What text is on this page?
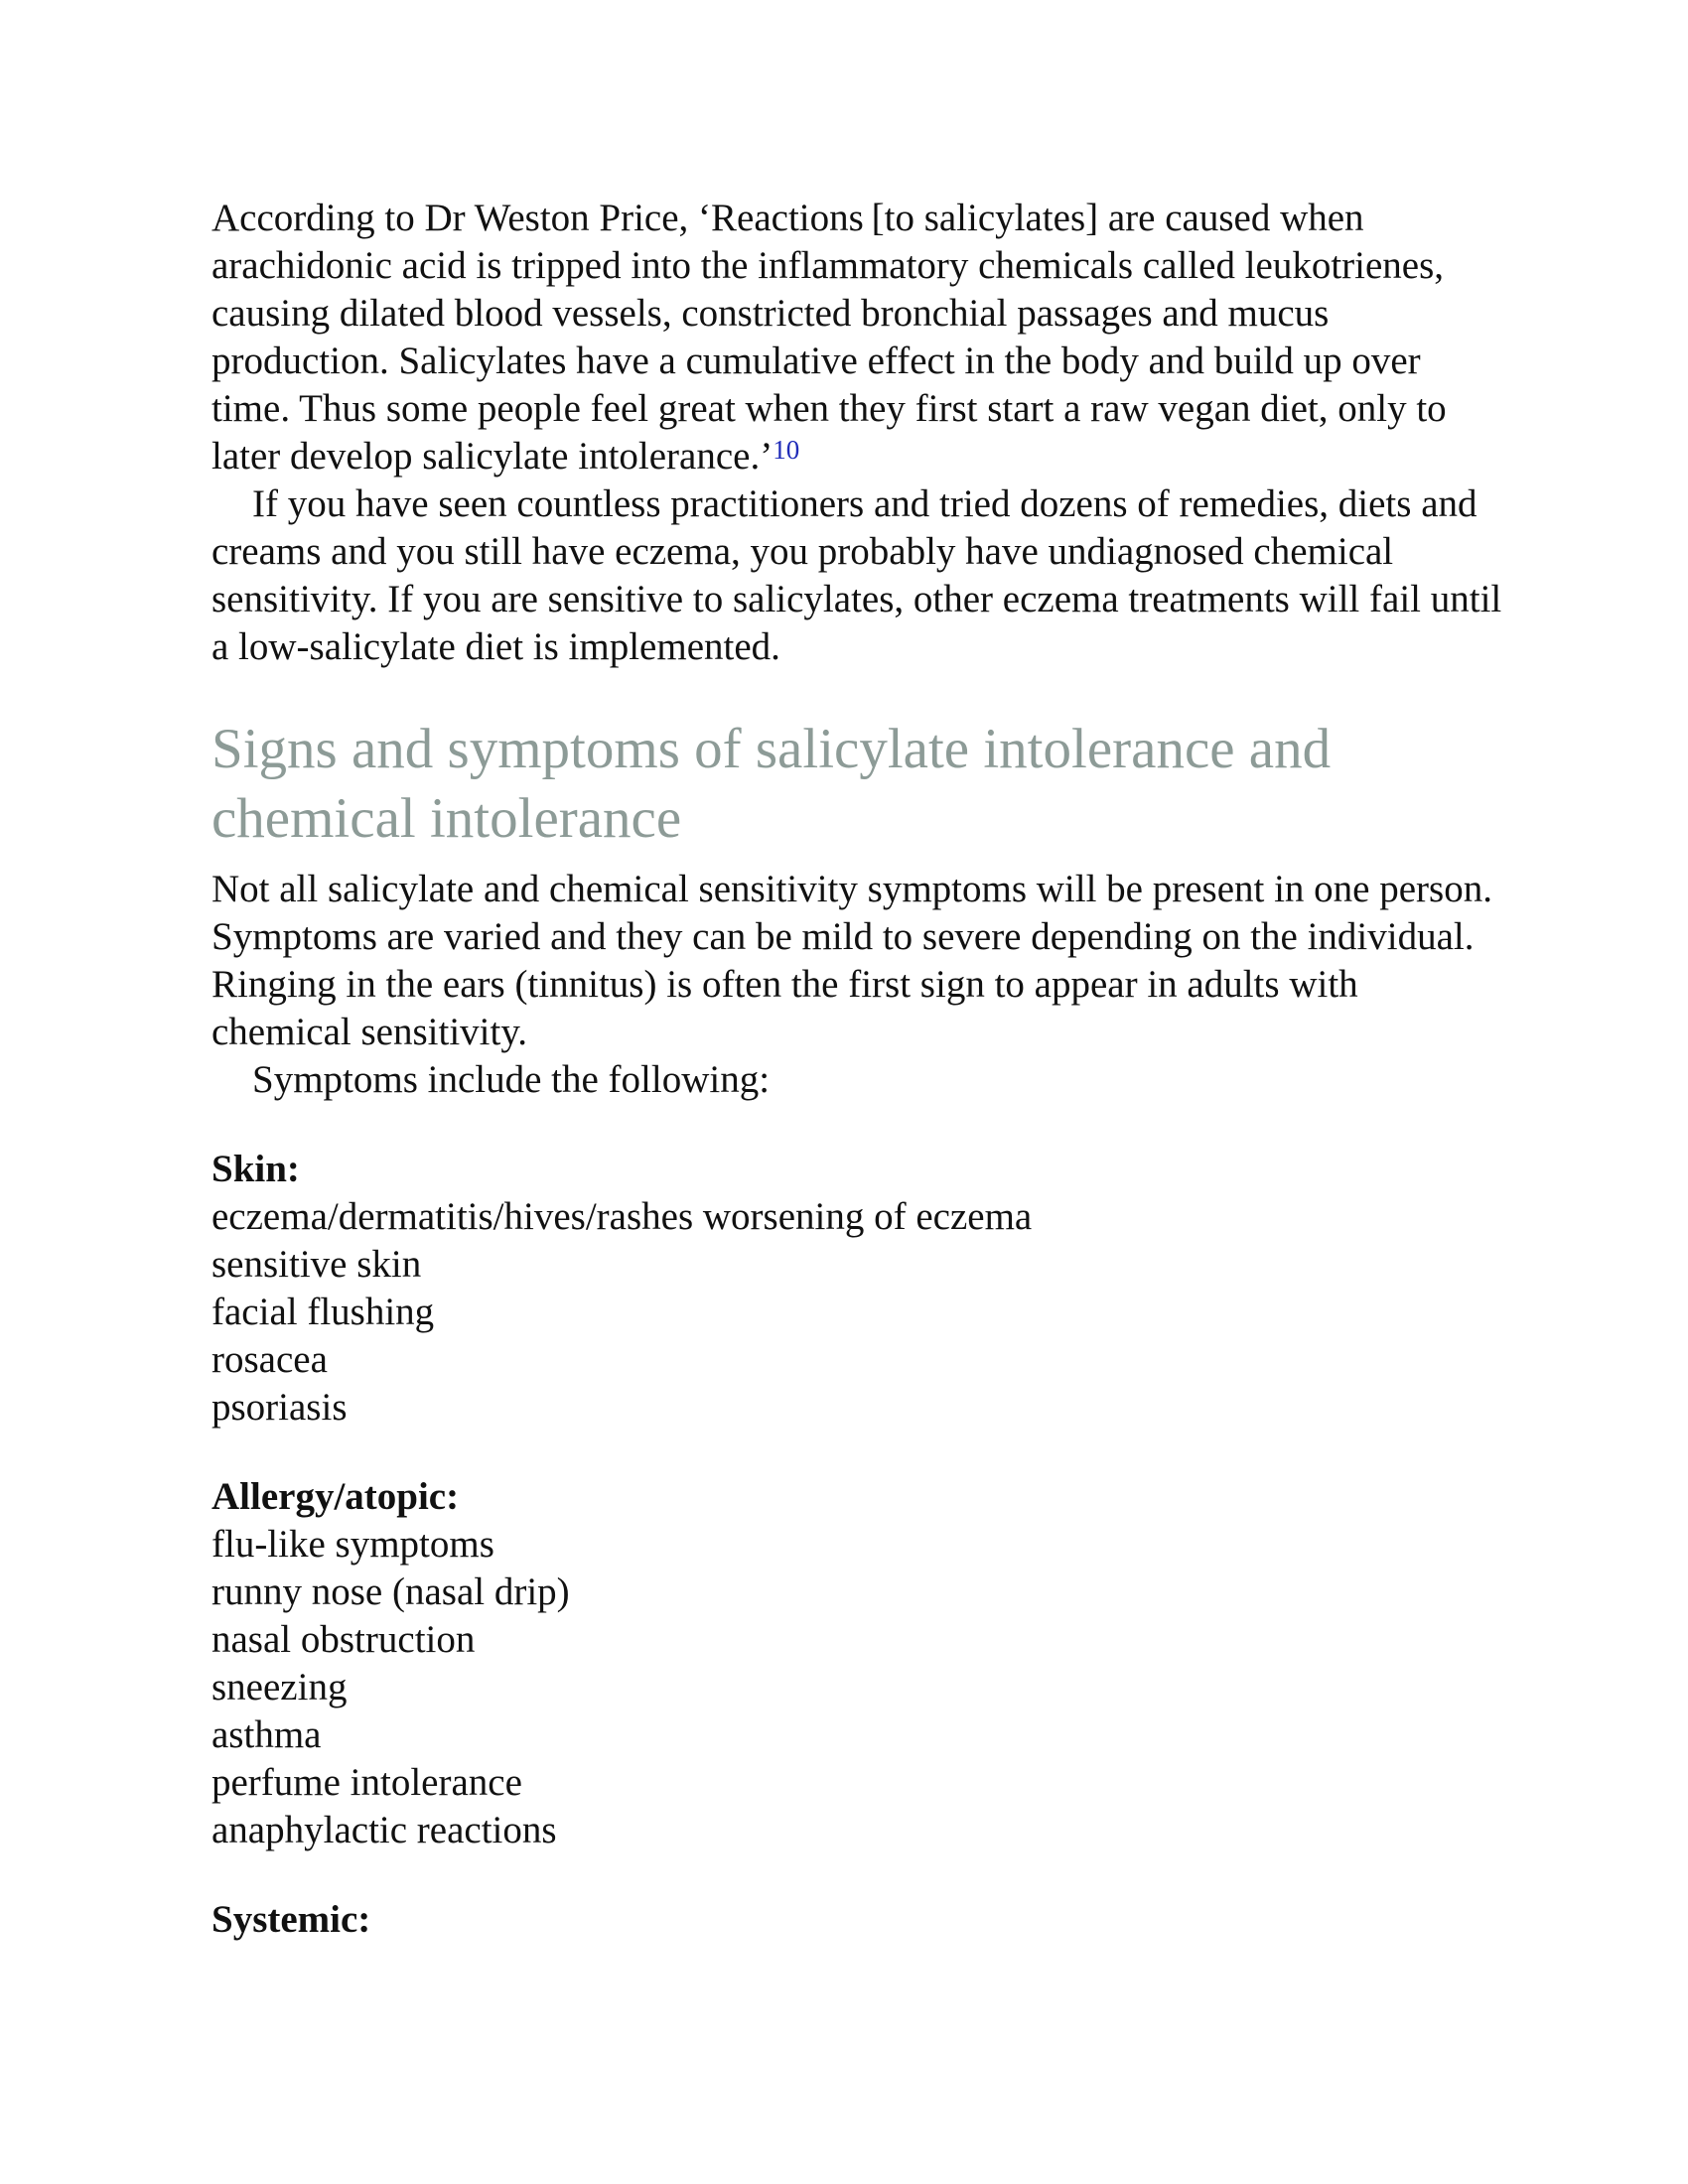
According to Dr Weston Price, ‘Reactions [to salicylates] are caused when arachidonic acid is tripped into the inflammatory chemicals called leukotrienes, causing dilated blood vessels, constricted bronchial passages and mucus production. Salicylates have a cumulative effect in the body and build up over time. Thus some people feel great when they first start a raw vegan diet, only to later develop salicylate intolerance.’$^{10}$

If you have seen countless practitioners and tried dozens of remedies, diets and creams and you still have eczema, you probably have undiagnosed chemical sensitivity. If you are sensitive to salicylates, other eczema treatments will fail until a low-salicylate diet is implemented.

Signs and symptoms of salicylate intolerance and chemical intolerance

Not all salicylate and chemical sensitivity symptoms will be present in one person. Symptoms are varied and they can be mild to severe depending on the individual. Ringing in the ears (tinnitus) is often the first sign to appear in adults with chemical sensitivity.

Symptoms include the following:

Skin:
eczema/dermatitis/hives/rashes worsening of eczema
sensitive skin
facial flushing
rosacea
psoriasis
Allergy/atopic:
flu-like symptoms
runny nose (nasal drip)
nasal obstruction
sneezing
asthma
perfume intolerance
anaphylactic reactions
Systemic:
